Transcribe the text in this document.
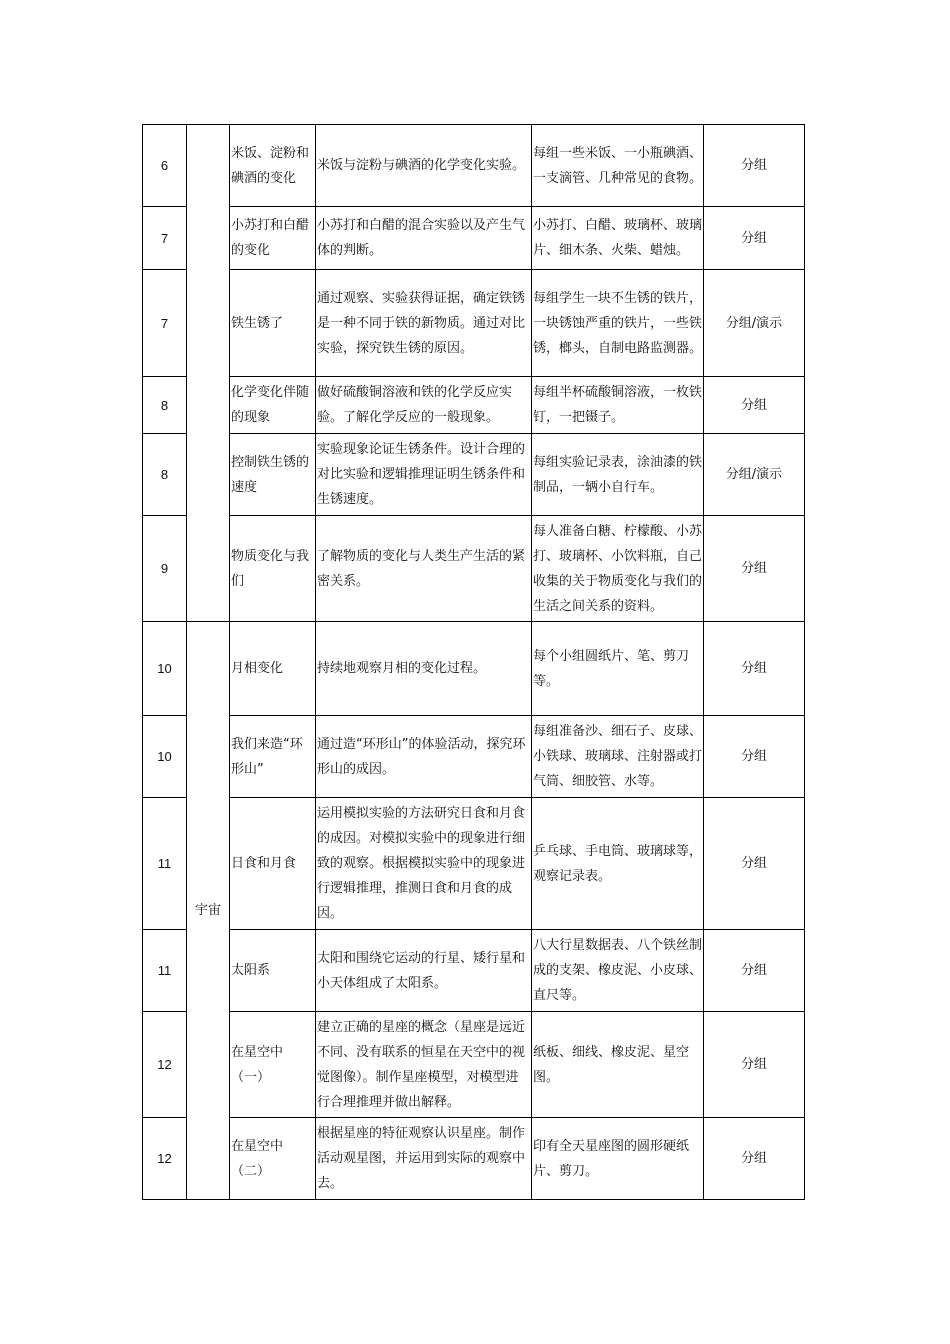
6		米饭、淀粉和碘酒的变化	米饭与淀粉与碘酒的化学变化实验。	每组一些米饭、一小瓶碘酒、一支滴管、几种常见的食物。	分组
7		小苏打和白醋的变化	小苏打和白醋的混合实验以及产生气体的判断。	小苏打、白醋、玻璃杯、玻璃片、细木条、火柴、蜡烛。	分组
7		铁生锈了	通过观察、实验获得证据，确定铁锈是一种不同于铁的新物质。通过对比实验，探究铁生锈的原因。	每组学生一块不生锈的铁片，一块锈蚀严重的铁片，一些铁锈，榔头，自制电路监测器。	分组/演示
8		化学变化伴随的现象	做好硫酸铜溶液和铁的化学反应实验。了解化学反应的一般现象。	每组半杯硫酸铜溶液，一枚铁钉，一把镊子。	分组
8		控制铁生锈的速度	实验现象论证生锈条件。设计合理的对比实验和逻辑推理证明生锈条件和生锈速度。	每组实验记录表，涂油漆的铁制品，一辆小自行车。	分组/演示
9		物质变化与我们	了解物质的变化与人类生产生活的紧密关系。	每人准备白糖、柠檬酸、小苏打、玻璃杯、小饮料瓶，自己收集的关于物质变化与我们的生活之间关系的资料。	分组
10	宇宙	月相变化	持续地观察月相的变化过程。	每个小组圆纸片、笔、剪刀等。	分组
10		我们来造“环形山”	通过造“环形山”的体验活动，探究环形山的成因。	每组准备沙、细石子、皮球、小铁球、玻璃球、注射器或打气筒、细胶管、水等。	分组
11		日食和月食	运用模拟实验的方法研究日食和月食的成因。对模拟实验中的现象进行细致的观察。根据模拟实验中的现象进行逻辑推理，推测日食和月食的成因。	乒乓球、手电筒、玻璃球等，观察记录表。	分组
11		太阳系	太阳和围绕它运动的行星、矮行星和小天体组成了太阳系。	八大行星数据表、八个铁丝制成的支架、橡皮泥、小皮球、直尺等。	分组
12		在星空中（一）	建立正确的星座的概念（星座是远近不同、没有联系的恒星在天空中的视觉图像）。制作星座模型，对模型进行合理推理并做出解释。	纸板、细线、橡皮泥、星空图。	分组
12		在星空中（二）	根据星座的特征观察认识星座。制作活动观星图，并运用到实际的观察中去。	印有全天星座图的圆形硬纸片、剪刀。	分组
